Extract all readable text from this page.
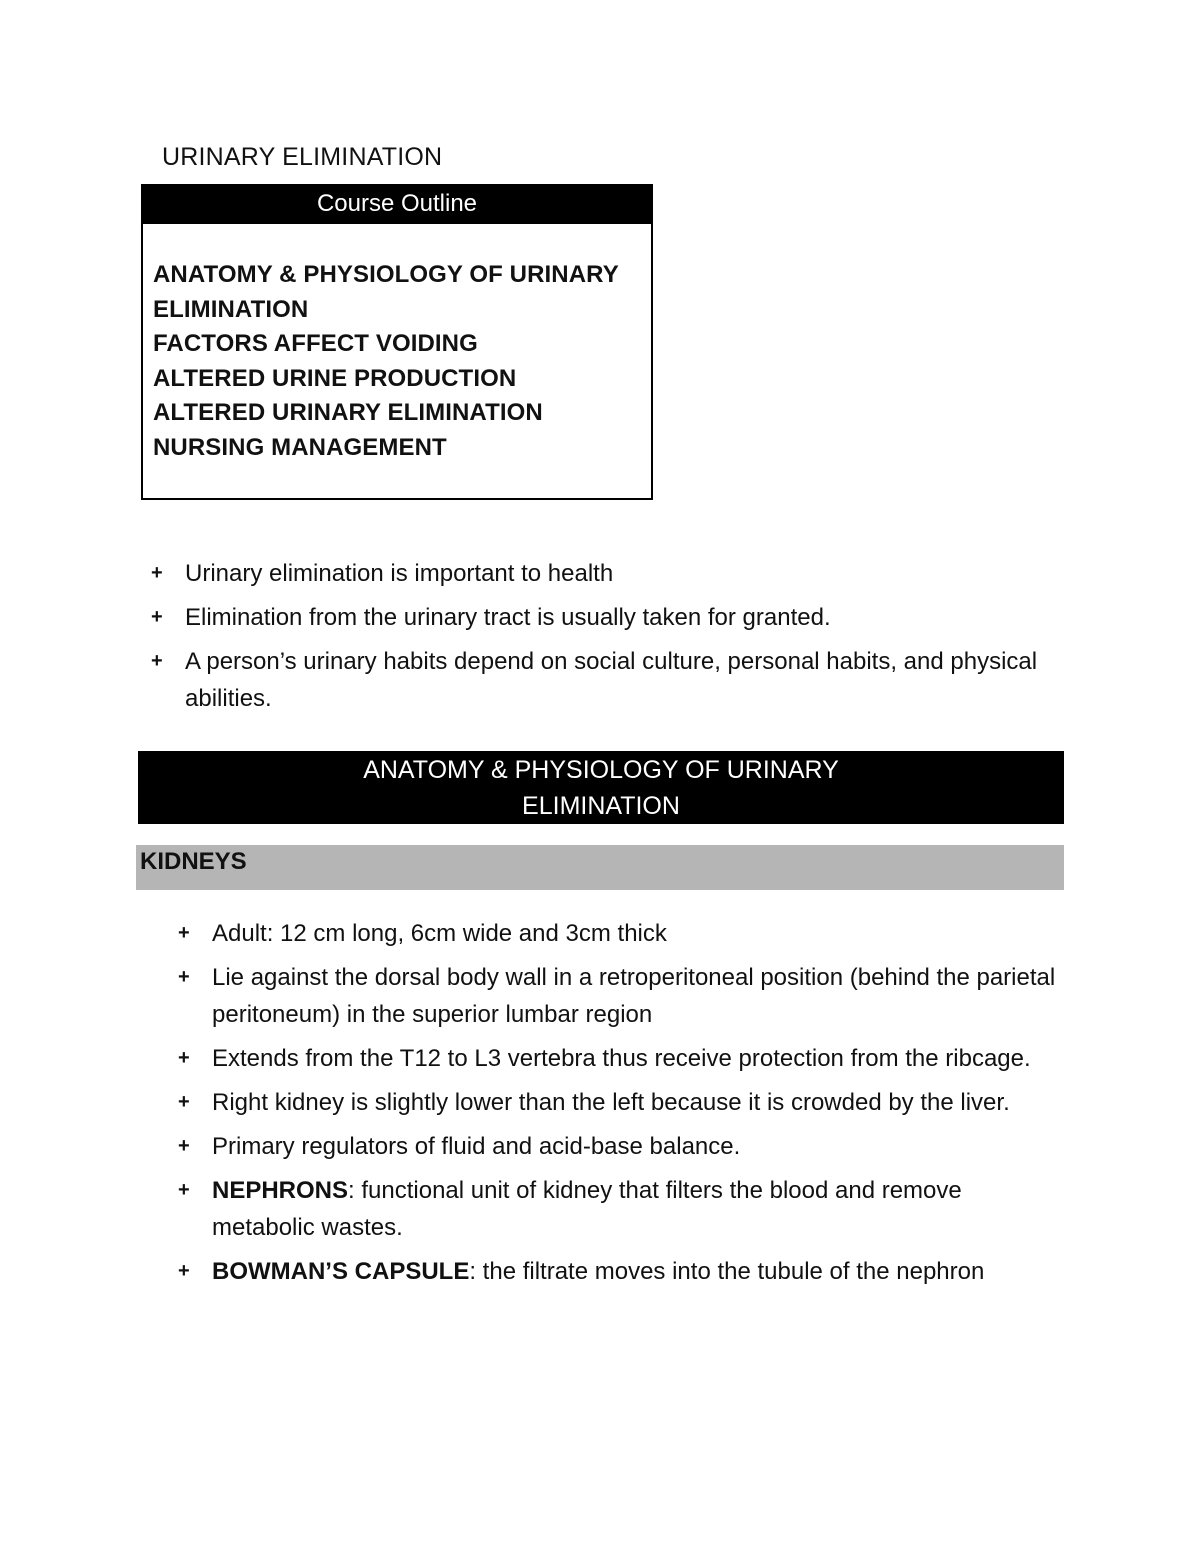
URINARY ELIMINATION
Course Outline
ANATOMY & PHYSIOLOGY OF URINARY ELIMINATION
FACTORS AFFECT VOIDING
ALTERED URINE PRODUCTION
ALTERED URINARY ELIMINATION
NURSING MANAGEMENT
+ Urinary elimination is important to health
+ Elimination from the urinary tract is usually taken for granted.
+ A person’s urinary habits depend on social culture, personal habits, and physical abilities.
ANATOMY & PHYSIOLOGY OF URINARY ELIMINATION
KIDNEYS
+ Adult: 12 cm long, 6cm wide and 3cm thick
+ Lie against the dorsal body wall in a retroperitoneal position (behind the parietal peritoneum) in the superior lumbar region
+ Extends from the T12 to L3 vertebra thus receive protection from the ribcage.
+ Right kidney is slightly lower than the left because it is crowded by the liver.
+ Primary regulators of fluid and acid-base balance.
+ NEPHRONS: functional unit of kidney that filters the blood and remove metabolic wastes.
+ BOWMAN’S CAPSULE: the filtrate moves into the tubule of the nephron
